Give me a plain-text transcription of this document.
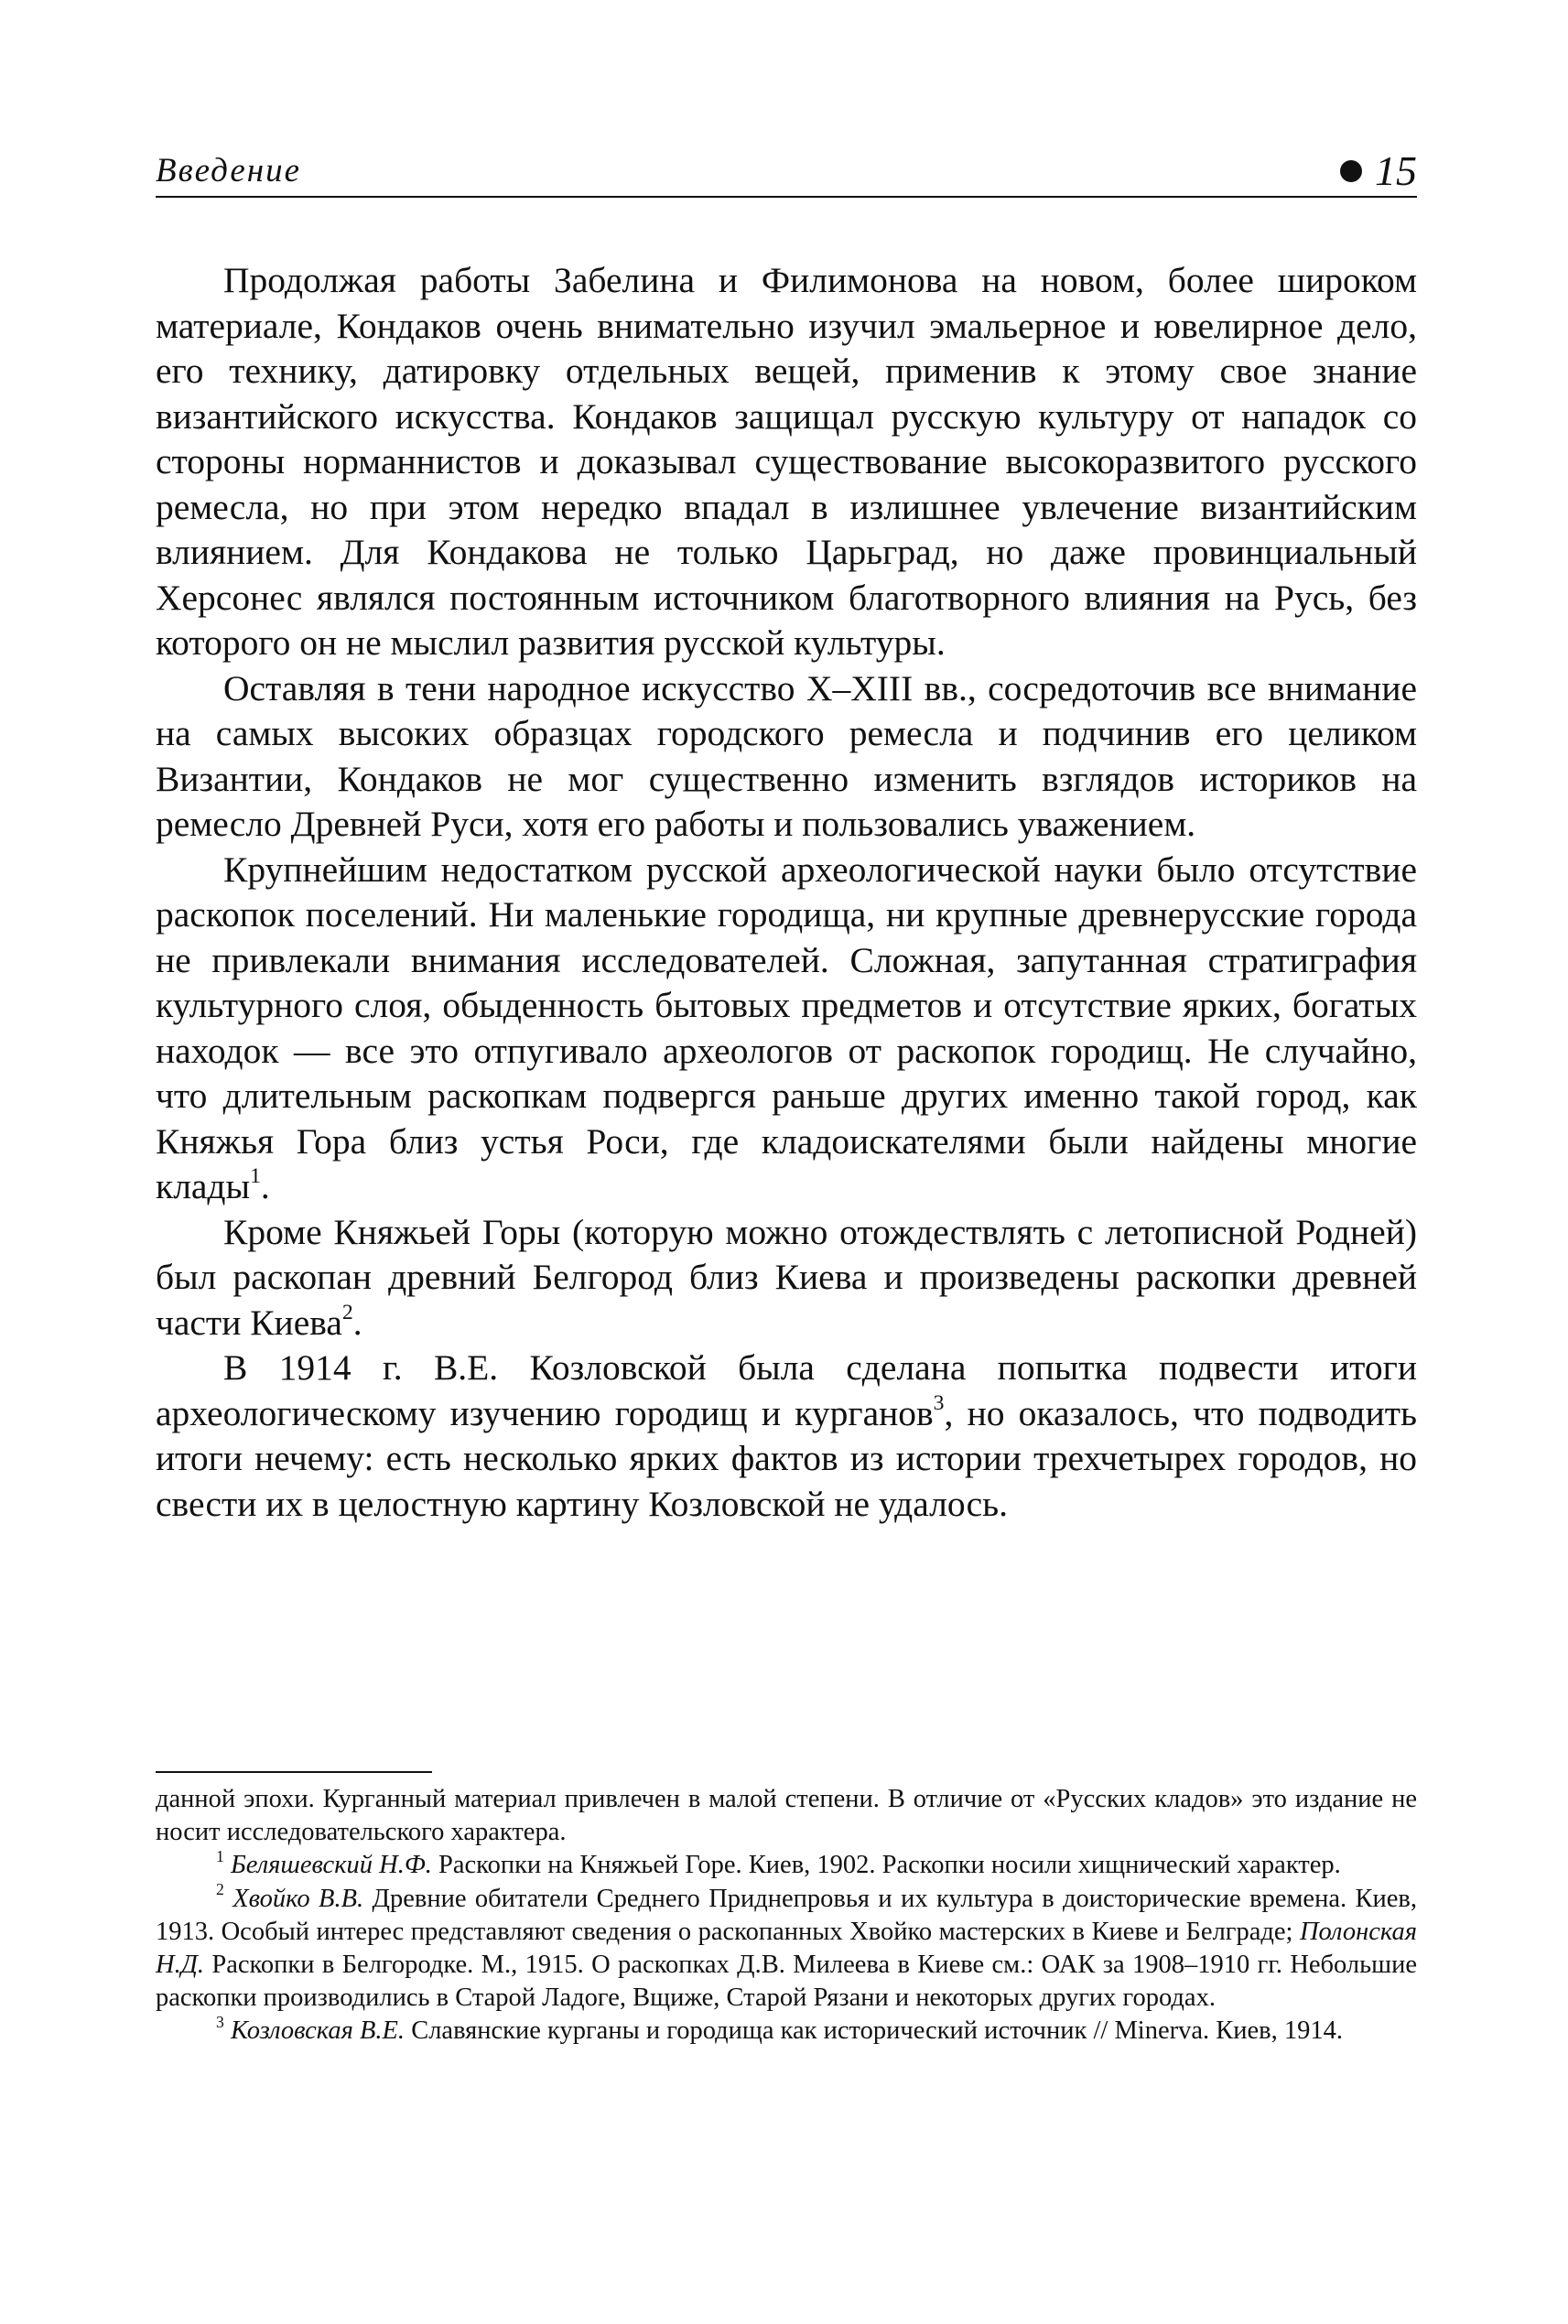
Введение	15

Продолжая работы Забелина и Филимонова на новом, более широком материале, Кондаков очень внимательно изучил эмальерное и ювелирное дело, его технику, датировку отдельных вещей, применив к этому свое знание византийского искусства. Кондаков защищал русскую культуру от нападок со стороны норманнистов и доказывал существование высокоразвитого русского ремесла, но при этом нередко впадал в излишнее увлечение византийским влиянием. Для Кондакова не только Царьград, но даже провинциальный Херсонес являлся постоянным источником благотворного влияния на Русь, без которого он не мыслил развития русской культуры.

Оставляя в тени народное искусство X–XIII вв., сосредоточив все внимание на самых высоких образцах городского ремесла и подчинив его целиком Византии, Кондаков не мог существенно изменить взглядов историков на ремесло Древней Руси, хотя его работы и пользовались уважением.

Крупнейшим недостатком русской археологической науки было отсутствие раскопок поселений. Ни маленькие городища, ни крупные древнерусские города не привлекали внимания исследователей. Сложная, запутанная стратиграфия культурного слоя, обыденность бытовых предметов и отсутствие ярких, богатых находок — все это отпугивало археологов от раскопок городищ. Не случайно, что длительным раскопкам подвергся раньше других именно такой город, как Княжья Гора близ устья Роси, где кладоискателями были найдены многие клады$^1$.

Кроме Княжьей Горы (которую можно отождествлять с летописной Родней) был раскопан древний Белгород близ Киева и произведены раскопки древней части Киева$^2$.

В 1914 г. В.Е. Козловской была сделана попытка подвести итоги археологическому изучению городищ и курганов$^3$, но оказалось, что подводить итоги нечему: есть несколько ярких фактов из истории трехчетырех городов, но свести их в целостную картину Козловской не удалось.

данной эпохи. Курганный материал привлечен в малой степени. В отличие от «Русских кладов» это издание не носит исследовательского характера.

$^1$ Беляшевский Н.Ф. Раскопки на Княжьей Горе. Киев, 1902. Раскопки носили хищнический характер.

$^2$ Хвойко В.В. Древние обитатели Среднего Приднепровья и их культура в доисторические времена. Киев, 1913. Особый интерес представляют сведения о раскопанных Хвойко мастерских в Киеве и Белграде; Полонская Н.Д. Раскопки в Белгородке. М., 1915. О раскопках Д.В. Милеева в Киеве см.: ОАК за 1908–1910 гг. Небольшие раскопки производились в Старой Ладоге, Вщиже, Старой Рязани и некоторых других городах.

$^3$ Козловская В.Е. Славянские курганы и городища как исторический источник // Minerva. Киев, 1914.
